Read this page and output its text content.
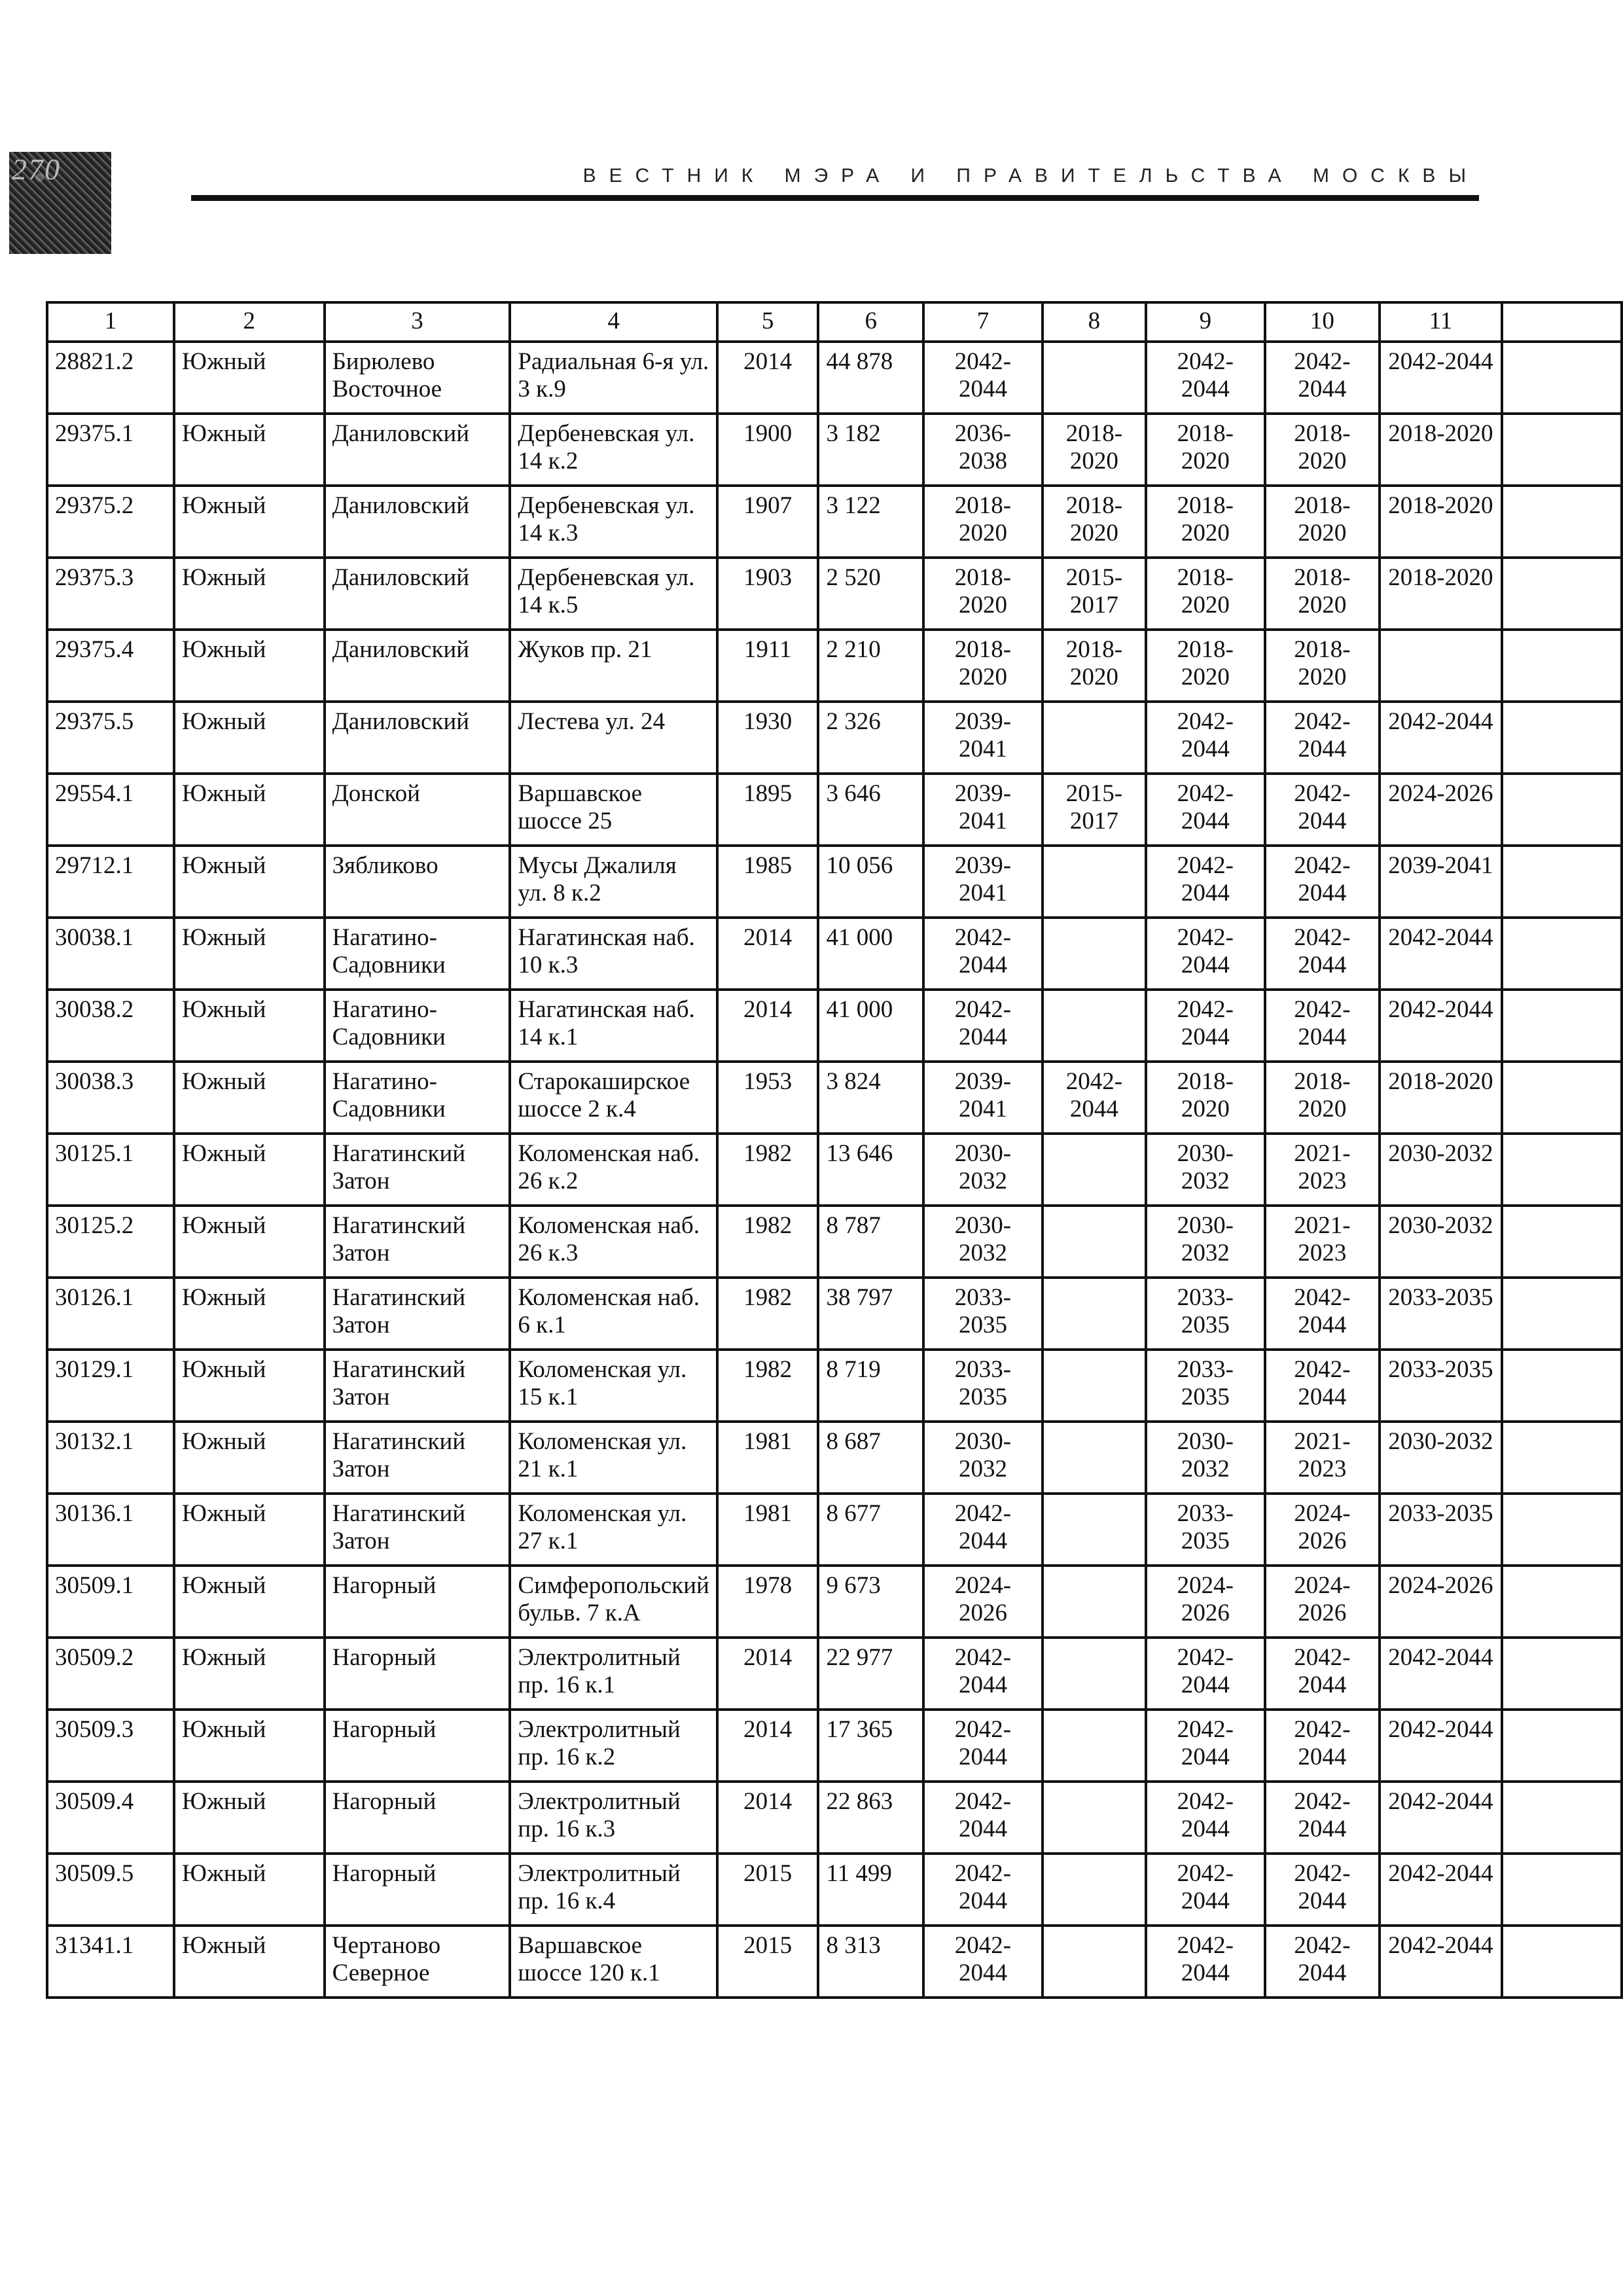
270	ВЕСТНИК МЭРА И ПРАВИТЕЛЬСТВА МОСКВЫ
1	2	3	4	5	6	7	8	9	10	11	
28821.2	Южный	Бирюлево Восточное	Радиальная 6-я ул. 3 к.9	2014	44 878	2042-2044		2042-2044	2042-2044	2042-2044	
29375.1	Южный	Даниловский	Дербеневская ул. 14 к.2	1900	3 182	2036-2038	2018-2020	2018-2020	2018-2020	2018-2020	
29375.2	Южный	Даниловский	Дербеневская ул. 14 к.3	1907	3 122	2018-2020	2018-2020	2018-2020	2018-2020	2018-2020	
29375.3	Южный	Даниловский	Дербеневская ул. 14 к.5	1903	2 520	2018-2020	2015-2017	2018-2020	2018-2020	2018-2020	
29375.4	Южный	Даниловский	Жуков пр. 21	1911	2 210	2018-2020	2018-2020	2018-2020	2018-2020		
29375.5	Южный	Даниловский	Лестева ул. 24	1930	2 326	2039-2041		2042-2044	2042-2044	2042-2044	
29554.1	Южный	Донской	Варшавское шоссе 25	1895	3 646	2039-2041	2015-2017	2042-2044	2042-2044	2024-2026	
29712.1	Южный	Зябликово	Мусы Джалиля ул. 8 к.2	1985	10 056	2039-2041		2042-2044	2042-2044	2039-2041	
30038.1	Южный	Нагатино-Садовники	Нагатинская наб. 10 к.3	2014	41 000	2042-2044		2042-2044	2042-2044	2042-2044	
30038.2	Южный	Нагатино-Садовники	Нагатинская наб. 14 к.1	2014	41 000	2042-2044		2042-2044	2042-2044	2042-2044	
30038.3	Южный	Нагатино-Садовники	Старокаширское шоссе 2 к.4	1953	3 824	2039-2041	2042-2044	2018-2020	2018-2020	2018-2020	
30125.1	Южный	Нагатинский Затон	Коломенская наб. 26 к.2	1982	13 646	2030-2032		2030-2032	2021-2023	2030-2032	
30125.2	Южный	Нагатинский Затон	Коломенская наб. 26 к.3	1982	8 787	2030-2032		2030-2032	2021-2023	2030-2032	
30126.1	Южный	Нагатинский Затон	Коломенская наб. 6 к.1	1982	38 797	2033-2035		2033-2035	2042-2044	2033-2035	
30129.1	Южный	Нагатинский Затон	Коломенская ул. 15 к.1	1982	8 719	2033-2035		2033-2035	2042-2044	2033-2035	
30132.1	Южный	Нагатинский Затон	Коломенская ул. 21 к.1	1981	8 687	2030-2032		2030-2032	2021-2023	2030-2032	
30136.1	Южный	Нагатинский Затон	Коломенская ул. 27 к.1	1981	8 677	2042-2044		2033-2035	2024-2026	2033-2035	
30509.1	Южный	Нагорный	Симферопольский бульв. 7 к.А	1978	9 673	2024-2026		2024-2026	2024-2026	2024-2026	
30509.2	Южный	Нагорный	Электролитный пр. 16 к.1	2014	22 977	2042-2044		2042-2044	2042-2044	2042-2044	
30509.3	Южный	Нагорный	Электролитный пр. 16 к.2	2014	17 365	2042-2044		2042-2044	2042-2044	2042-2044	
30509.4	Южный	Нагорный	Электролитный пр. 16 к.3	2014	22 863	2042-2044		2042-2044	2042-2044	2042-2044	
30509.5	Южный	Нагорный	Электролитный пр. 16 к.4	2015	11 499	2042-2044		2042-2044	2042-2044	2042-2044	
31341.1	Южный	Чертаново Северное	Варшавское шоссе 120 к.1	2015	8 313	2042-2044		2042-2044	2042-2044	2042-2044	
